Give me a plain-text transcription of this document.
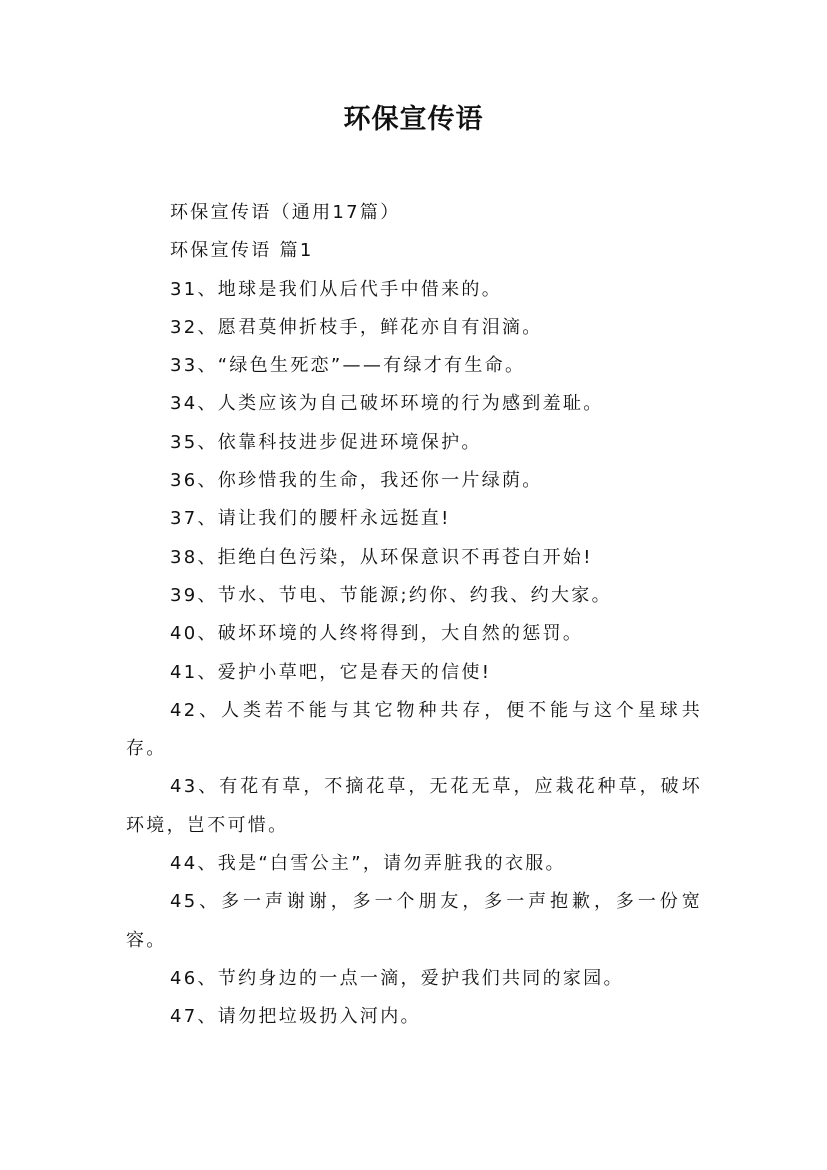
环保宣传语

环保宣传语（通用17篇）

环保宣传语 篇1

31、地球是我们从后代手中借来的。

32、愿君莫伸折枝手，鲜花亦自有泪滴。

33、“绿色生死恋”——有绿才有生命。

34、人类应该为自己破坏环境的行为感到羞耻。

35、依靠科技进步促进环境保护。

36、你珍惜我的生命，我还你一片绿荫。

37、请让我们的腰杆永远挺直!

38、拒绝白色污染，从环保意识不再苍白开始!

39、节水、节电、节能源;约你、约我、约大家。

40、破坏环境的人终将得到，大自然的惩罚。

41、爱护小草吧，它是春天的信使!

42、人类若不能与其它物种共存，便不能与这个星球共存。

43、有花有草，不摘花草，无花无草，应栽花种草，破坏环境，岂不可惜。

44、我是“白雪公主”，请勿弄脏我的衣服。

45、多一声谢谢，多一个朋友，多一声抱歉，多一份宽容。

46、节约身边的一点一滴，爱护我们共同的家园。

47、请勿把垃圾扔入河内。
